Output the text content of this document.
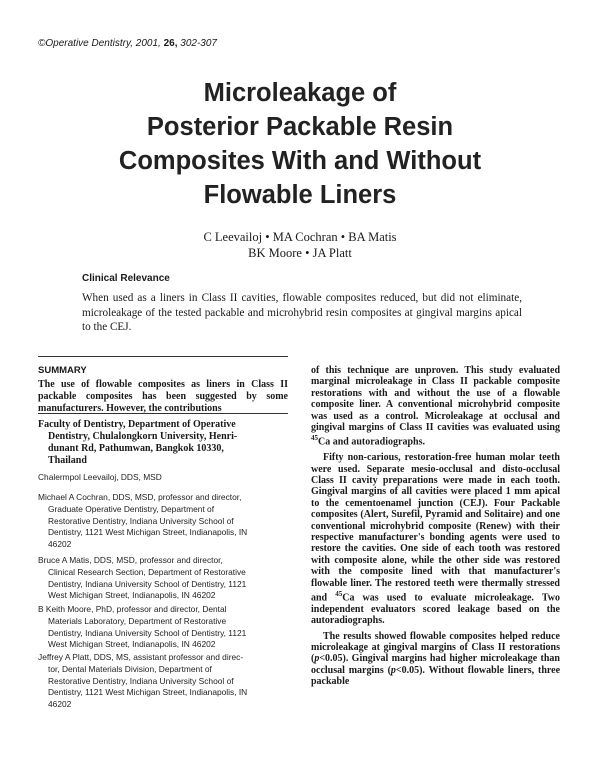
©Operative Dentistry, 2001, 26, 302-307
Microleakage of
Posterior Packable Resin
Composites With and Without
Flowable Liners
C Leevailoj • MA Cochran • BA Matis
BK Moore • JA Platt
Clinical Relevance
When used as a liners in Class II cavities, flowable composites reduced, but did not eliminate, microleakage of the tested packable and microhybrid resin composites at gingival margins apical to the CEJ.
SUMMARY
The use of flowable composites as liners in Class II packable composites has been suggested by some manufacturers. However, the contributions
Faculty of Dentistry, Department of Operative
Dentistry, Chulalongkorn University, Henri-
dunant Rd, Pathumwan, Bangkok 10330,
Thailand
Chalermpol Leevailoj, DDS, MSD
Michael A Cochran, DDS, MSD, professor and director,
Graduate Operative Dentistry, Department of
Restorative Dentistry, Indiana University School of
Dentistry, 1121 West Michigan Street, Indianapolis, IN
46202
Bruce A Matis, DDS, MSD, professor and director,
Clinical Research Section, Department of Restorative
Dentistry, Indiana University School of Dentistry, 1121
West Michigan Street, Indianapolis, IN 46202
B Keith Moore, PhD, professor and director, Dental
Materials Laboratory, Department of Restorative
Dentistry, Indiana University School of Dentistry, 1121
West Michigan Street, Indianapolis, IN 46202
Jeffrey A Platt, DDS, MS, assistant professor and direc-
tor, Dental Materials Division, Department of
Restorative Dentistry, Indiana University School of
Dentistry, 1121 West Michigan Street, Indianapolis, IN
46202

of this technique are unproven. This study evaluated marginal microleakage in Class II packable composite restorations with and without the use of a flowable composite liner. A conventional microhybrid composite was used as a control. Microleakage at occlusal and gingival margins of Class II cavities was evaluated using $^{45}$Ca and autoradiographs.

Fifty non-carious, restoration-free human molar teeth were used. Separate mesio-occlusal and disto-occlusal Class II cavity preparations were made in each tooth. Gingival margins of all cavities were placed 1 mm apical to the cementoenamel junction (CEJ). Four Packable composites (Alert, Surefil, Pyramid and Solitaire) and one conventional microhybrid composite (Renew) with their respective manufacturer's bonding agents were used to restore the cavities. One side of each tooth was restored with composite alone, while the other side was restored with the composite lined with that manufacturer's flowable liner. The restored teeth were thermally stressed and $^{45}$Ca was used to evaluate microleakage. Two independent evaluators scored leakage based on the autoradiographs.

The results showed flowable composites helped reduce microleakage at gingival margins of Class II restorations (p<0.05). Gingival margins had higher microleakage than occlusal margins (p<0.05). Without flowable liners, three packable
